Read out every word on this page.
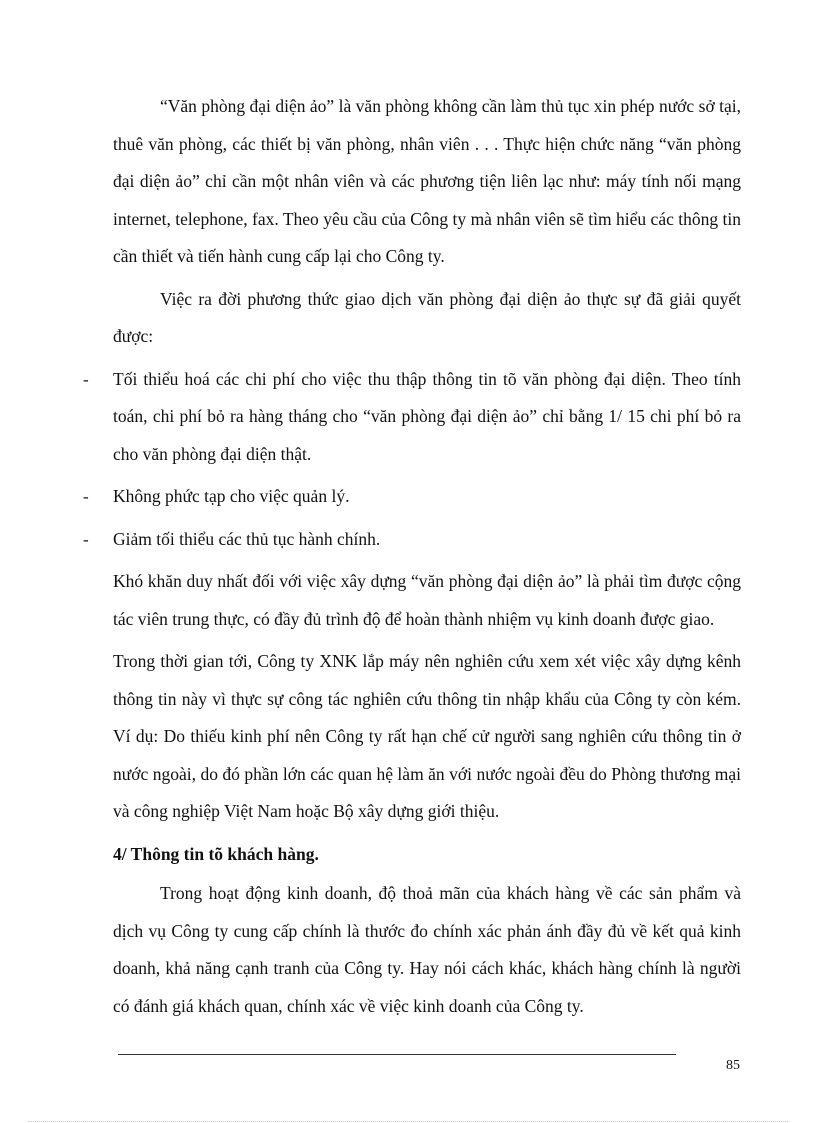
“Văn phòng đại diện ảo” là văn phòng không cần làm thủ tục xin phép nước sở tại, thuê văn phòng, các thiết bị văn phòng, nhân viên . . . Thực hiện chức năng “văn phòng đại diện ảo” chỉ cần một nhân viên và các phương tiện liên lạc như: máy tính nối mạng internet, telephone, fax. Theo yêu cầu của Công ty mà nhân viên sẽ tìm hiểu các thông tin cần thiết và tiến hành cung cấp lại cho Công ty.

Việc ra đời phương thức giao dịch văn phòng đại diện ảo thực sự đã giải quyết được:

- Tối thiểu hoá các chi phí cho việc thu thập thông tin tõ văn phòng đại diện. Theo tính toán, chi phí bỏ ra hàng tháng cho “văn phòng đại diện ảo” chỉ bằng 1/ 15 chi phí bỏ ra cho văn phòng đại diện thật.

- Không phức tạp cho việc quản lý.

- Giảm tối thiểu các thủ tục hành chính.

Khó khăn duy nhất đối với việc xây dựng “văn phòng đại diện ảo” là phải tìm được cộng tác viên trung thực, có đầy đủ trình độ để hoàn thành nhiệm vụ kinh doanh được giao.

Trong thời gian tới, Công ty XNK lắp máy nên nghiên cứu xem xét việc xây dựng kênh thông tin này vì thực sự công tác nghiên cứu thông tin nhập khẩu của Công ty còn kém. Ví dụ: Do thiếu kinh phí nên Công ty rất hạn chế cử người sang nghiên cứu thông tin ở nước ngoài, do đó phần lớn các quan hệ làm ăn với nước ngoài đều do Phòng thương mại và công nghiệp Việt Nam hoặc Bộ xây dựng giới thiệu.

4/ Thông tin tõ khách hàng.

Trong hoạt động kinh doanh, độ thoả mãn của khách hàng về các sản phẩm và dịch vụ Công ty cung cấp chính là thước đo chính xác phản ánh đầy đủ về kết quả kinh doanh, khả năng cạnh tranh của Công ty. Hay nói cách khác, khách hàng chính là người có đánh giá khách quan, chính xác về việc kinh doanh của Công ty.

85
